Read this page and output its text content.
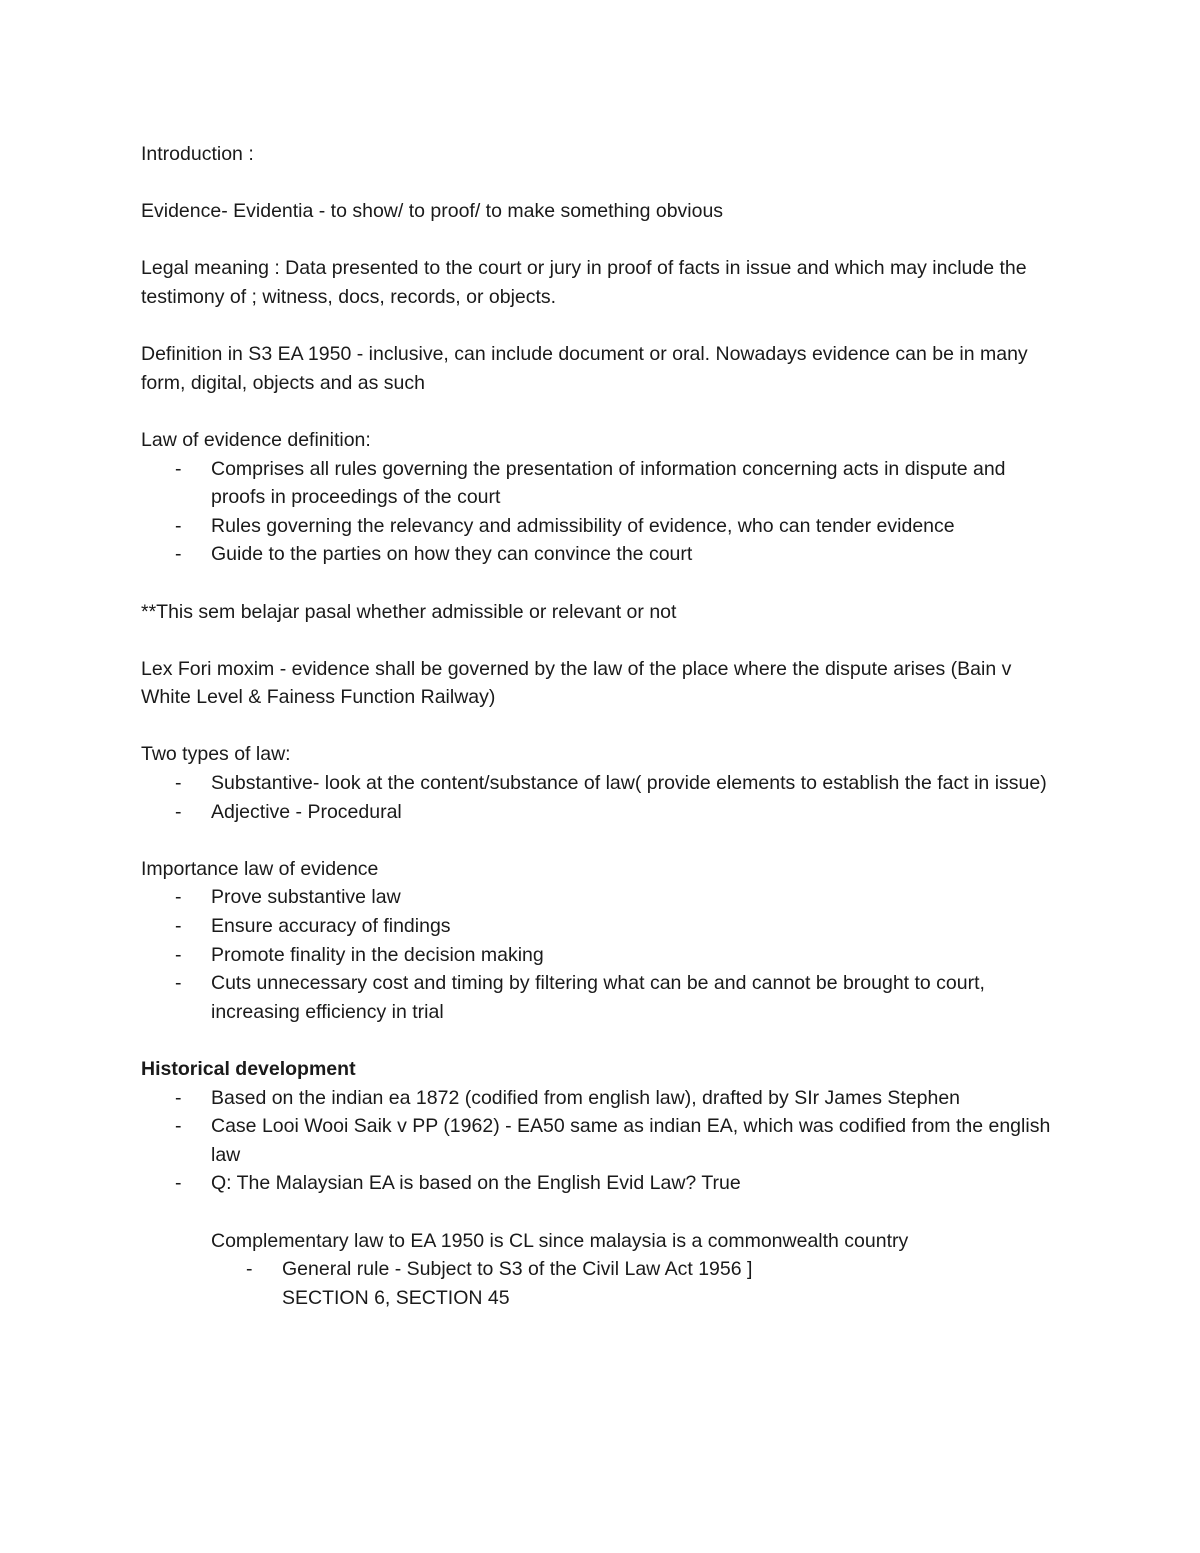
Introduction :

Evidence- Evidentia - to show/ to proof/ to make something obvious

Legal meaning : Data presented to the court or jury in proof of facts in issue and which may include the testimony of ; witness, docs, records, or objects.

Definition in S3 EA 1950 - inclusive, can include document or oral. Nowadays evidence can be in many form, digital, objects and as such

Law of evidence definition:

- Comprises all rules governing the presentation of information concerning acts in dispute and proofs in proceedings of the court
- Rules governing the relevancy and admissibility of evidence, who can tender evidence
- Guide to the parties on how they can convince the court

**This sem belajar pasal whether admissible or relevant or not

Lex Fori moxim - evidence shall be governed by the law of the place where the dispute arises (Bain v White Level & Fainess Function Railway)

Two types of law:

- Substantive- look at the content/substance of law( provide elements to establish the fact in issue)
- Adjective - Procedural

Importance law of evidence

- Prove substantive law
- Ensure accuracy of findings
- Promote finality in the decision making
- Cuts unnecessary cost and timing by filtering what can be and cannot be brought to court, increasing efficiency in trial

Historical development

- Based on the indian ea 1872 (codified from english law), drafted by SIr James Stephen
- Case Looi Wooi Saik v PP (1962) - EA50 same as indian EA, which was codified from the english law
- Q: The Malaysian EA is based on the English Evid Law? True

Complementary law to EA 1950 is CL since malaysia is a commonwealth country

- General rule - Subject to S3 of the Civil Law Act 1956 ]

SECTION 6, SECTION 45
